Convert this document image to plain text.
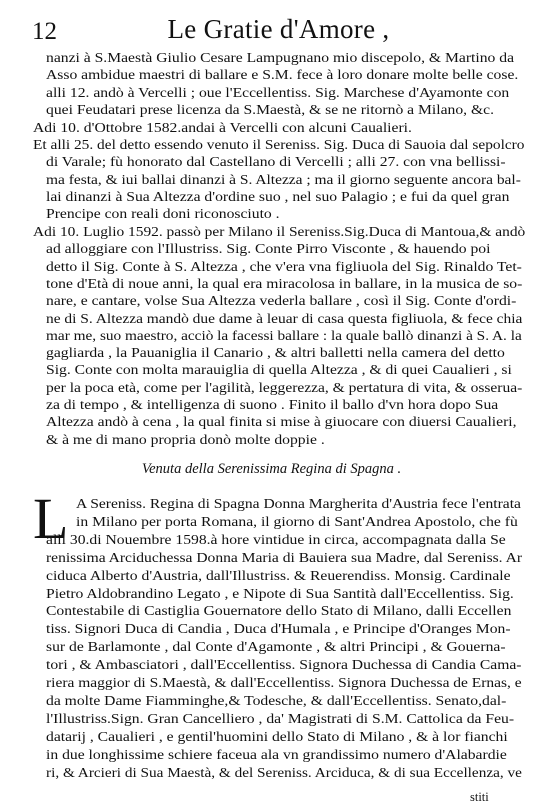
12	Le Gratie d'Amore ,
nanzi à S.Maestà Giulio Cesare Lampugnano mio discepolo, & Martino da
Asso ambidue maestri di ballare e S.M. fece à loro donare molte belle cose.
alli 12. andò à Vercelli ; oue l'Eccellentiss. Sig. Marchese d'Ayamonte con
quei Feudatari prese licenza da S.Maestà, & se ne ritornò a Milano, &c.
Adi 10. d'Ottobre 1582.andai à Vercelli con alcuni Caualieri.
Et alli 25. del detto essendo venuto il Sereniss. Sig. Duca di Sauoia dal sepolcro
di Varale; fù honorato dal Castellano di Vercelli ; alli 27. con vna bellissi-
ma festa, & iui ballai dinanzi à S. Altezza ; ma il giorno seguente ancora bal-
lai dinanzi à Sua Altezza d'ordine suo , nel suo Palagio ; e fui da quel gran
Prencipe con reali doni riconosciuto .
Adi 10. Luglio 1592. passò per Milano il Sereniss.Sig.Duca di Mantoua,& andò
ad alloggiare con l'Illustriss. Sig. Conte Pirro Visconte , & hauendo poi
detto il Sig. Conte à S. Altezza , che v'era vna figliuola del Sig. Rinaldo Tet-
tone d'Età di noue anni, la qual era miracolosa in ballare, in la musica de so-
nare, e cantare, volse Sua Altezza vederla ballare , così il Sig. Conte d'ordi-
ne di S. Altezza mandò due dame à leuar di casa questa figliuola, & fece chia
mar me, suo maestro, acciò la facessi ballare : la quale ballò dinanzi à S. A. la
gagliarda , la Pauaniglia il Canario , & altri balletti nella camera del detto
Sig. Conte con molta marauiglia di quella Altezza , & di quei Caualieri , si
per la poca età, come per l'agilità, leggerezza, & pertatura di vita, & osserua-
za di tempo , & intelligenza di suono . Finito il ballo d'vn hora dopo Sua
Altezza andò à cena , la qual finita si mise à giuocare con diuersi Caualieri,
& à me di mano propria donò molte doppie .
A Sereniss. Regina di Spagna Donna Margherita d'Austria fece l'entrata
in Milano per porta Romana, il giorno di Sant'Andrea Apostolo, che fù
alli 30.di Nouembre 1598.à hore vintidue in circa, accompagnata dalla Se
renissima Arciduchessa Donna Maria di Bauiera sua Madre, dal Sereniss. Ar
ciduca Alberto d'Austria, dall'Illustriss. & Reuerendiss. Monsig. Cardinale
Pietro Aldobrandino Legato , e Nipote di Sua Santità dall'Eccellentiss. Sig.
Contestabile di Castiglia Gouernatore dello Stato di Milano, dalli Eccellen
tiss. Signori Duca di Candia , Duca d'Humala , e Principe d'Oranges Mon-
sur de Barlamonte , dal Conte d'Agamonte , & altri Principi , & Gouerna-
tori , & Ambasciatori , dall'Eccellentiss. Signora Duchessa di Candia Cama-
riera maggior di S.Maestà, & dall'Eccellentiss. Signora Duchessa de Ernas, e
da molte Dame Fiamminghe,& Todesche, & dall'Eccellentiss. Senato,dal-
l'Illustriss.Sign. Gran Cancelliero , da' Magistrati di S.M. Cattolica da Feu-
datarij , Caualieri , e gentil'huomini dello Stato di Milano , & à lor fianchi
in due longhissime schiere faceua ala vn grandissimo numero d'Alabardie
ri, & Arcieri di Sua Maestà, & del Sereniss. Arciduca, & di sua Eccellenza, ve
Venuta della Serenissima Regina di Spagna .
L
stiti
